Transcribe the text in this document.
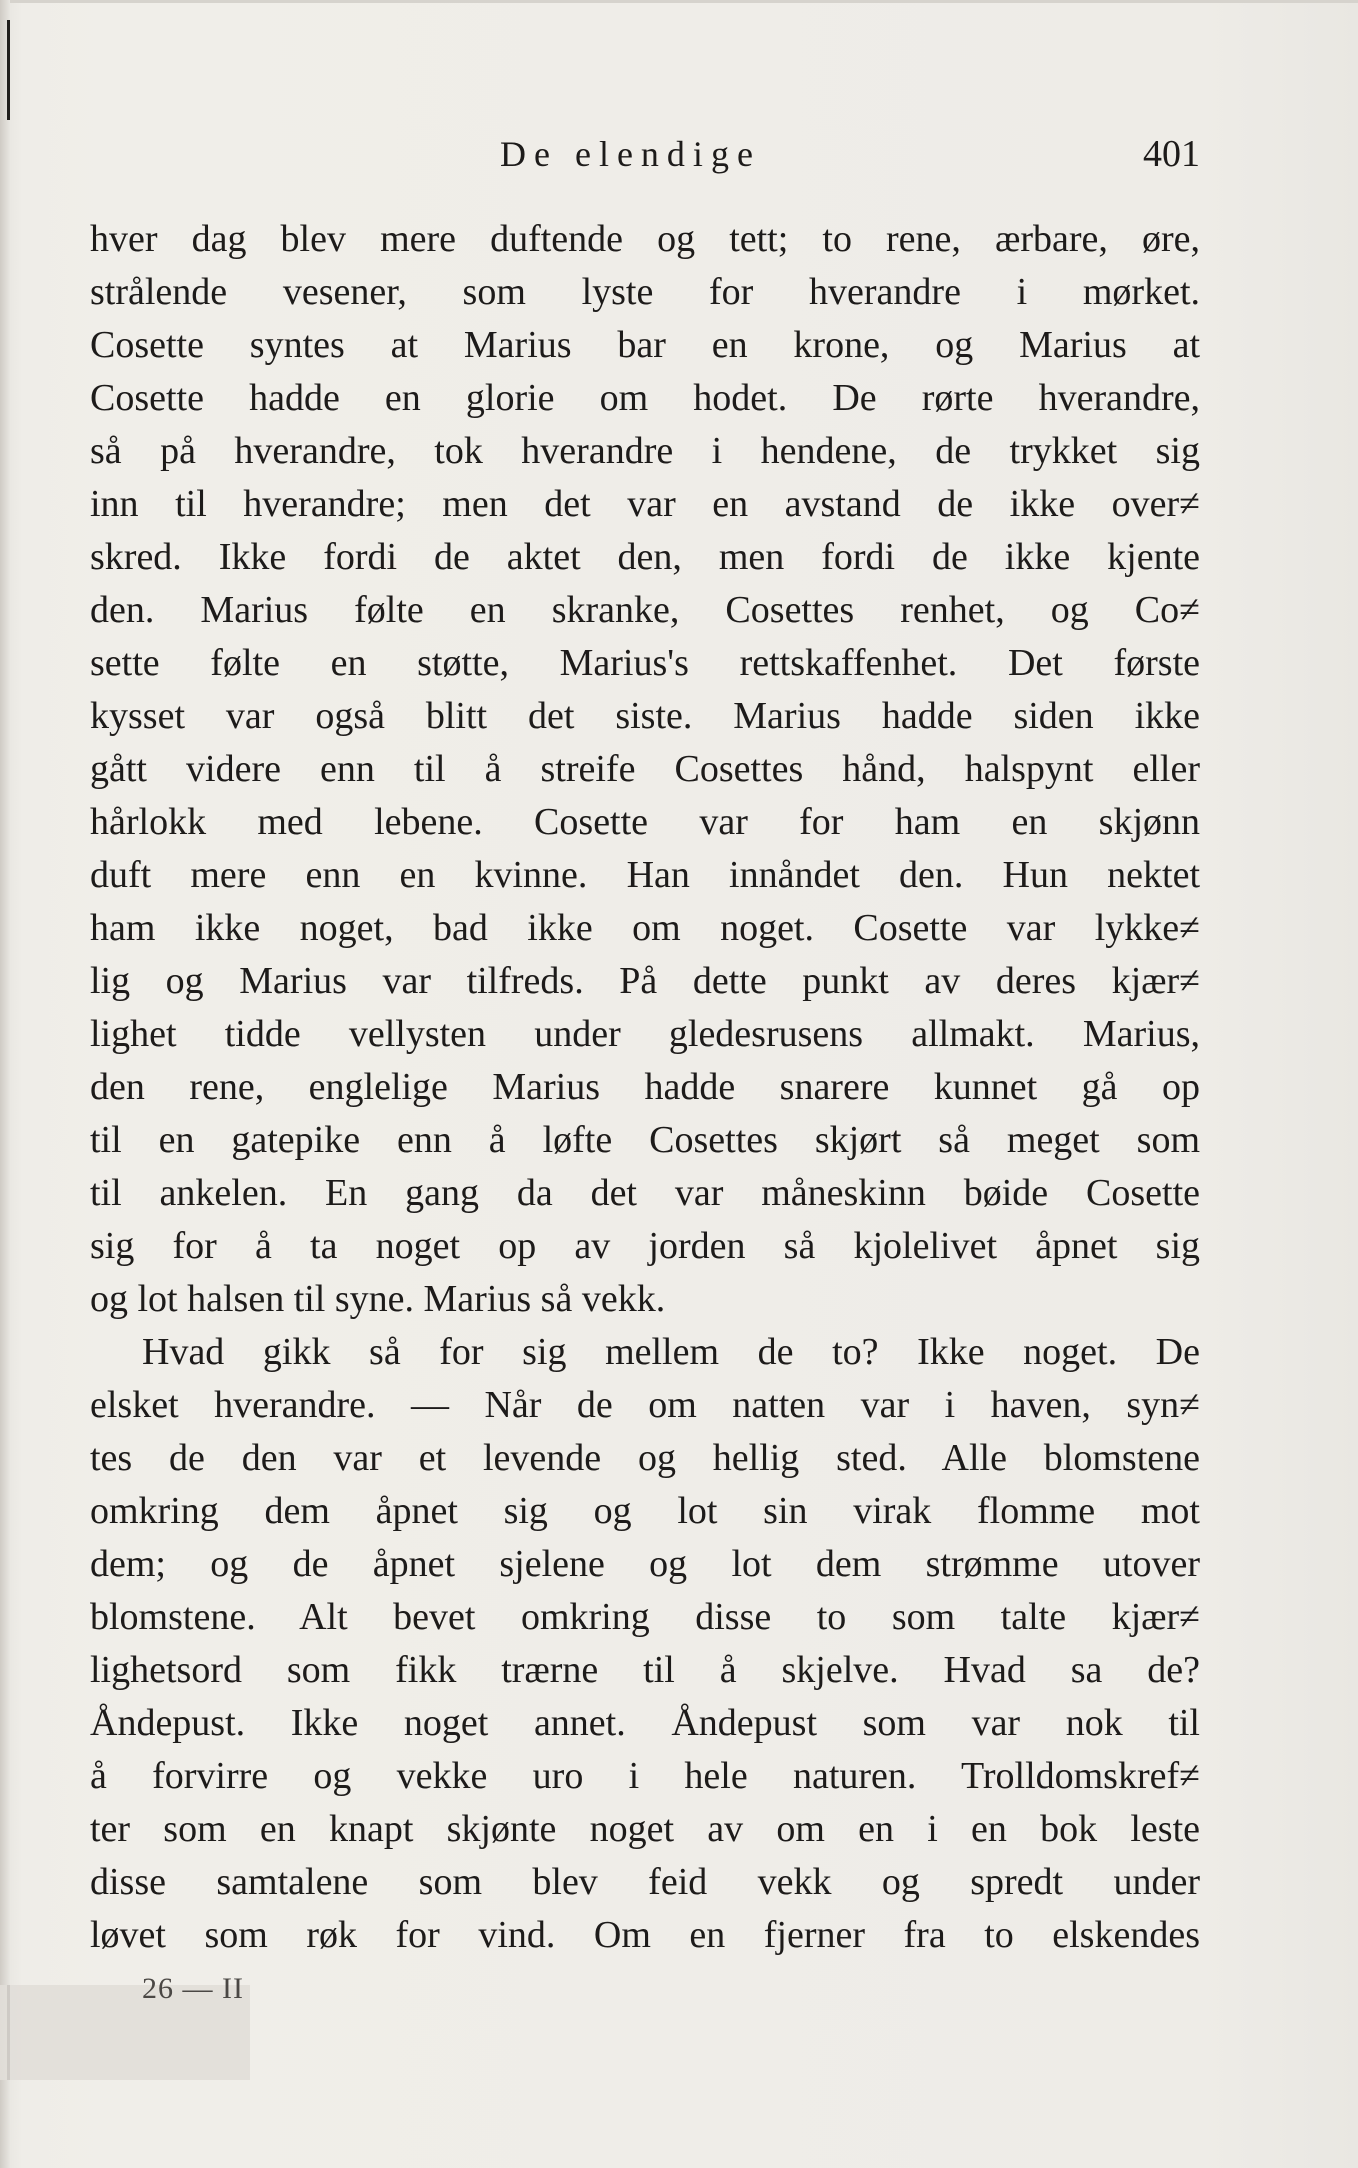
De elendige	401
hver dag blev mere duftende og tett; to rene, ærbare, øre,
strålende vesener, som lyste for hverandre i mørket.
Cosette syntes at Marius bar en krone, og Marius at
Cosette hadde en glorie om hodet. De rørte hverandre,
så på hverandre, tok hverandre i hendene, de trykket sig
inn til hverandre; men det var en avstand de ikke over≠
skred. Ikke fordi de aktet den, men fordi de ikke kjente
den. Marius følte en skranke, Cosettes renhet, og Co≠
sette følte en støtte, Marius's rettskaffenhet. Det første
kysset var også blitt det siste. Marius hadde siden ikke
gått videre enn til å streife Cosettes hånd, halspynt eller
hårlokk med lebene. Cosette var for ham en skjønn
duft mere enn en kvinne. Han innåndet den. Hun nektet
ham ikke noget, bad ikke om noget. Cosette var lykke≠
lig og Marius var tilfreds. På dette punkt av deres kjær≠
lighet tidde vellysten under gledesrusens allmakt. Marius,
den rene, englelige Marius hadde snarere kunnet gå op
til en gatepike enn å løfte Cosettes skjørt så meget som
til ankelen. En gang da det var måneskinn bøide Cosette
sig for å ta noget op av jorden så kjolelivet åpnet sig
og lot halsen til syne. Marius så vekk.
Hvad gikk så for sig mellem de to? Ikke noget. De
elsket hverandre. — Når de om natten var i haven, syn≠
tes de den var et levende og hellig sted. Alle blomstene
omkring dem åpnet sig og lot sin virak flomme mot
dem; og de åpnet sjelene og lot dem strømme utover
blomstene. Alt bevet omkring disse to som talte kjær≠
lighetsord som fikk trærne til å skjelve. Hvad sa de?
Åndepust. Ikke noget annet. Åndepust som var nok til
å forvirre og vekke uro i hele naturen. Trolldomskref≠
ter som en knapt skjønte noget av om en i en bok leste
disse samtalene som blev feid vekk og spredt under
løvet som røk for vind. Om en fjerner fra to elskendes
26 — II
